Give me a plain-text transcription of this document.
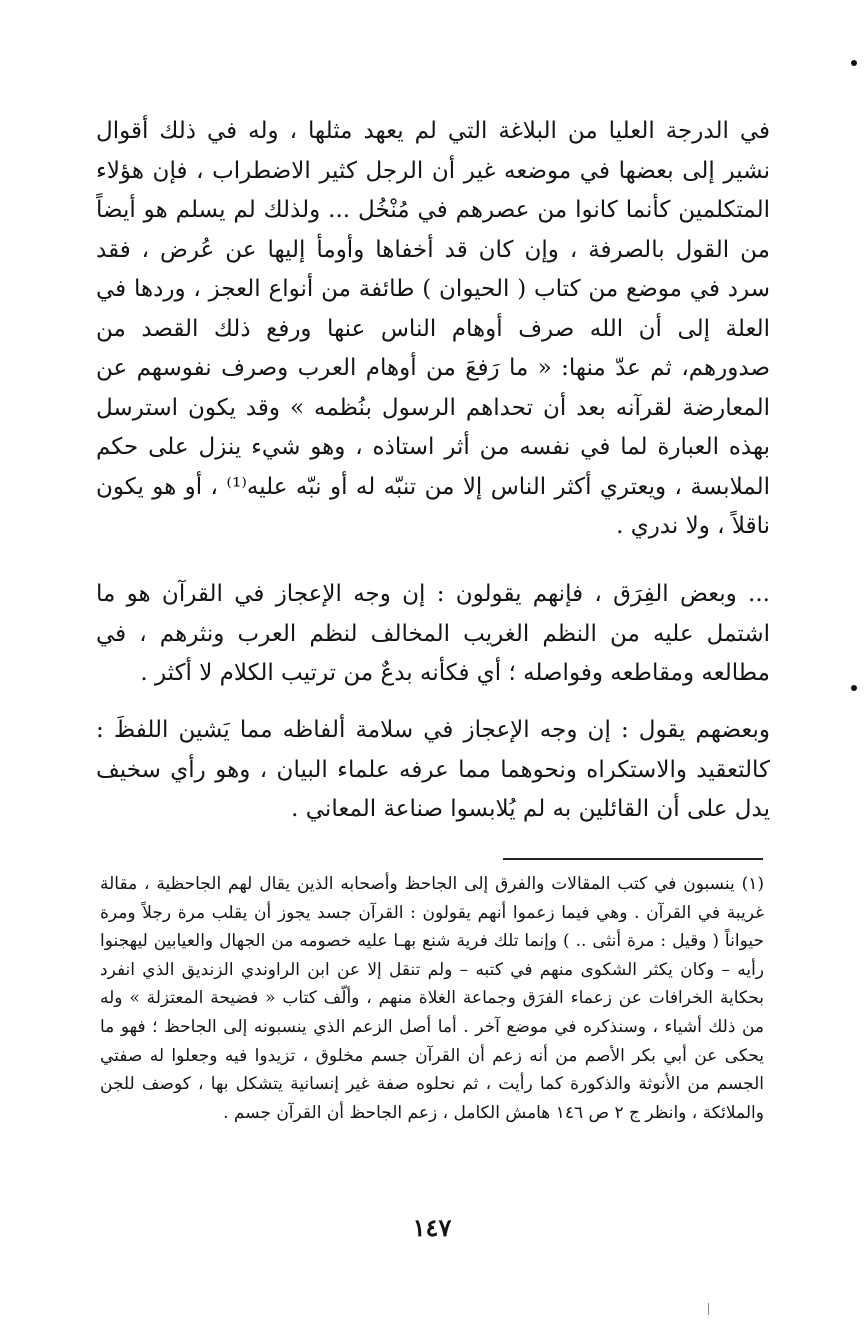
في الدرجة العليا من البلاغة التي لم يعهد مثلها ، وله في ذلك أقوال نشير إلى بعضها في موضعه غير أن الرجل كثير الاضطراب ، فإن هؤلاء المتكلمين كأنما كانوا من عصرهم في مُنْخُل ... ولذلك لم يسلم هو أيضاً من القول بالصرفة ، وإن كان قد أخفاها وأومأ إليها عن عُرض ، فقد سرد في موضع من كتاب ( الحيوان ) طائفة من أنواع العجز ، وردها في العلة إلى أن الله صرف أوهام الناس عنها ورفع ذلك القصد من صدورهم، ثم عدّ منها: « ما رَفعَ من أوهام العرب وصرف نفوسهم عن المعارضة لقرآنه بعد أن تحداهم الرسول بنُظمه » وقد يكون استرسل بهذه العبارة لما في نفسه من أثر استاذه ، وهو شيء ينزل على حكم الملابسة ، ويعتري أكثر الناس إلا من تنبّه له أو نبّه عليه⁽¹⁾ ، أو هو يكون ناقلاً ، ولا ندري .

... وبعض الفِرَق ، فإنهم يقولون : إن وجه الإعجاز في القرآن هو ما اشتمل عليه من النظم الغريب المخالف لنظم العرب ونثرهم ، في مطالعه ومقاطعه وفواصله ؛ أي فكأنه بدعٌ من ترتيب الكلام لا أكثر .

وبعضهم يقول : إن وجه الإعجاز في سلامة ألفاظه مما يَشين اللفظَ : كالتعقيد والاستكراه ونحوهما مما عرفه علماء البيان ، وهو رأي سخيف يدل على أن القائلين به لم يُلابسوا صناعة المعاني .

(١) ينسبون في كتب المقالات والفرق إلى الجاحظ وأصحابه الذين يقال لهم الجاحظية ، مقالة غريبة في القرآن . وهي فيما زعموا أنهم يقولون : القرآن جسد يجوز أن يقلب مرة رجلاً ومرة حيواناً ( وقيل : مرة أنثى .. ) وإنما تلك فرية شنع بهـا عليه خصومه من الجهال والعيابين ليهجنوا رأيه – وكان يكثر الشكوى منهم في كتبه – ولم تنقل إلا عن ابن الراوندي الزنديق الذي انفرد بحكاية الخرافات عن زعماء الفرَق وجماعة الغلاة منهم ، وألّف كتاب « فضيحة المعتزلة » وله من ذلك أشياء ، وسنذكره في موضع آخر . أما أصل الزعم الذي ينسبونه إلى الجاحظ ؛ فهو ما يحكى عن أبي بكر الأصم من أنه زعم أن القرآن جسم مخلوق ، تزيدوا فيه وجعلوا له صفتي الجسم من الأنوثة والذكورة كما رأيت ، ثم نحلوه صفة غير إنسانية يتشكل بها ، كوصف للجن والملائكة ، وانظر ج ٢ ص ١٤٦ هامش الكامل ، زعم الجاحظ أن القرآن جسم .

١٤٧
